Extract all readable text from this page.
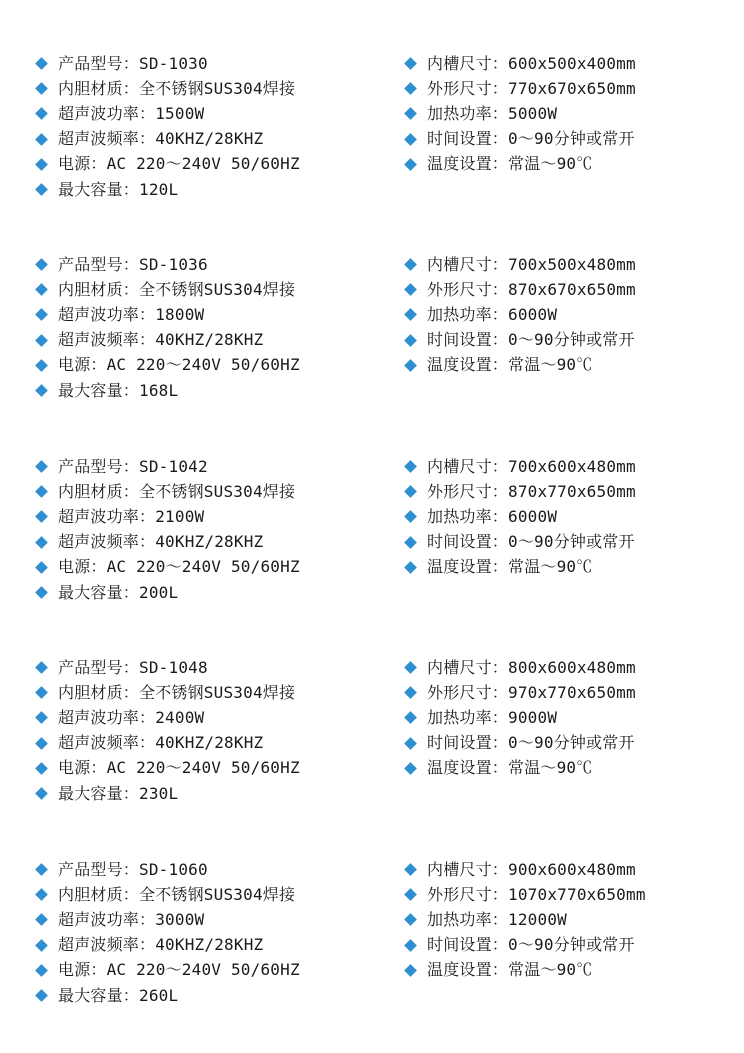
产品型号：SD-1030
内胆材质：全不锈钢SUS304焊接
超声波功率：1500W
超声波频率：40KHZ/28KHZ
电源：AC 220～240V 50/60HZ
最大容量：120L
内槽尺寸：600x500x400mm
外形尺寸：770x670x650mm
加热功率：5000W
时间设置：0～90分钟或常开
温度设置：常温～90℃
产品型号：SD-1036
内胆材质：全不锈钢SUS304焊接
超声波功率：1800W
超声波频率：40KHZ/28KHZ
电源：AC 220～240V 50/60HZ
最大容量：168L
内槽尺寸：700x500x480mm
外形尺寸：870x670x650mm
加热功率：6000W
时间设置：0～90分钟或常开
温度设置：常温～90℃
产品型号：SD-1042
内胆材质：全不锈钢SUS304焊接
超声波功率：2100W
超声波频率：40KHZ/28KHZ
电源：AC 220～240V 50/60HZ
最大容量：200L
内槽尺寸：700x600x480mm
外形尺寸：870x770x650mm
加热功率：6000W
时间设置：0～90分钟或常开
温度设置：常温～90℃
产品型号：SD-1048
内胆材质：全不锈钢SUS304焊接
超声波功率：2400W
超声波频率：40KHZ/28KHZ
电源：AC 220～240V 50/60HZ
最大容量：230L
内槽尺寸：800x600x480mm
外形尺寸：970x770x650mm
加热功率：9000W
时间设置：0～90分钟或常开
温度设置：常温～90℃
产品型号：SD-1060
内胆材质：全不锈钢SUS304焊接
超声波功率：3000W
超声波频率：40KHZ/28KHZ
电源：AC 220～240V 50/60HZ
最大容量：260L
内槽尺寸：900x600x480mm
外形尺寸：1070x770x650mm
加热功率：12000W
时间设置：0～90分钟或常开
温度设置：常温～90℃
